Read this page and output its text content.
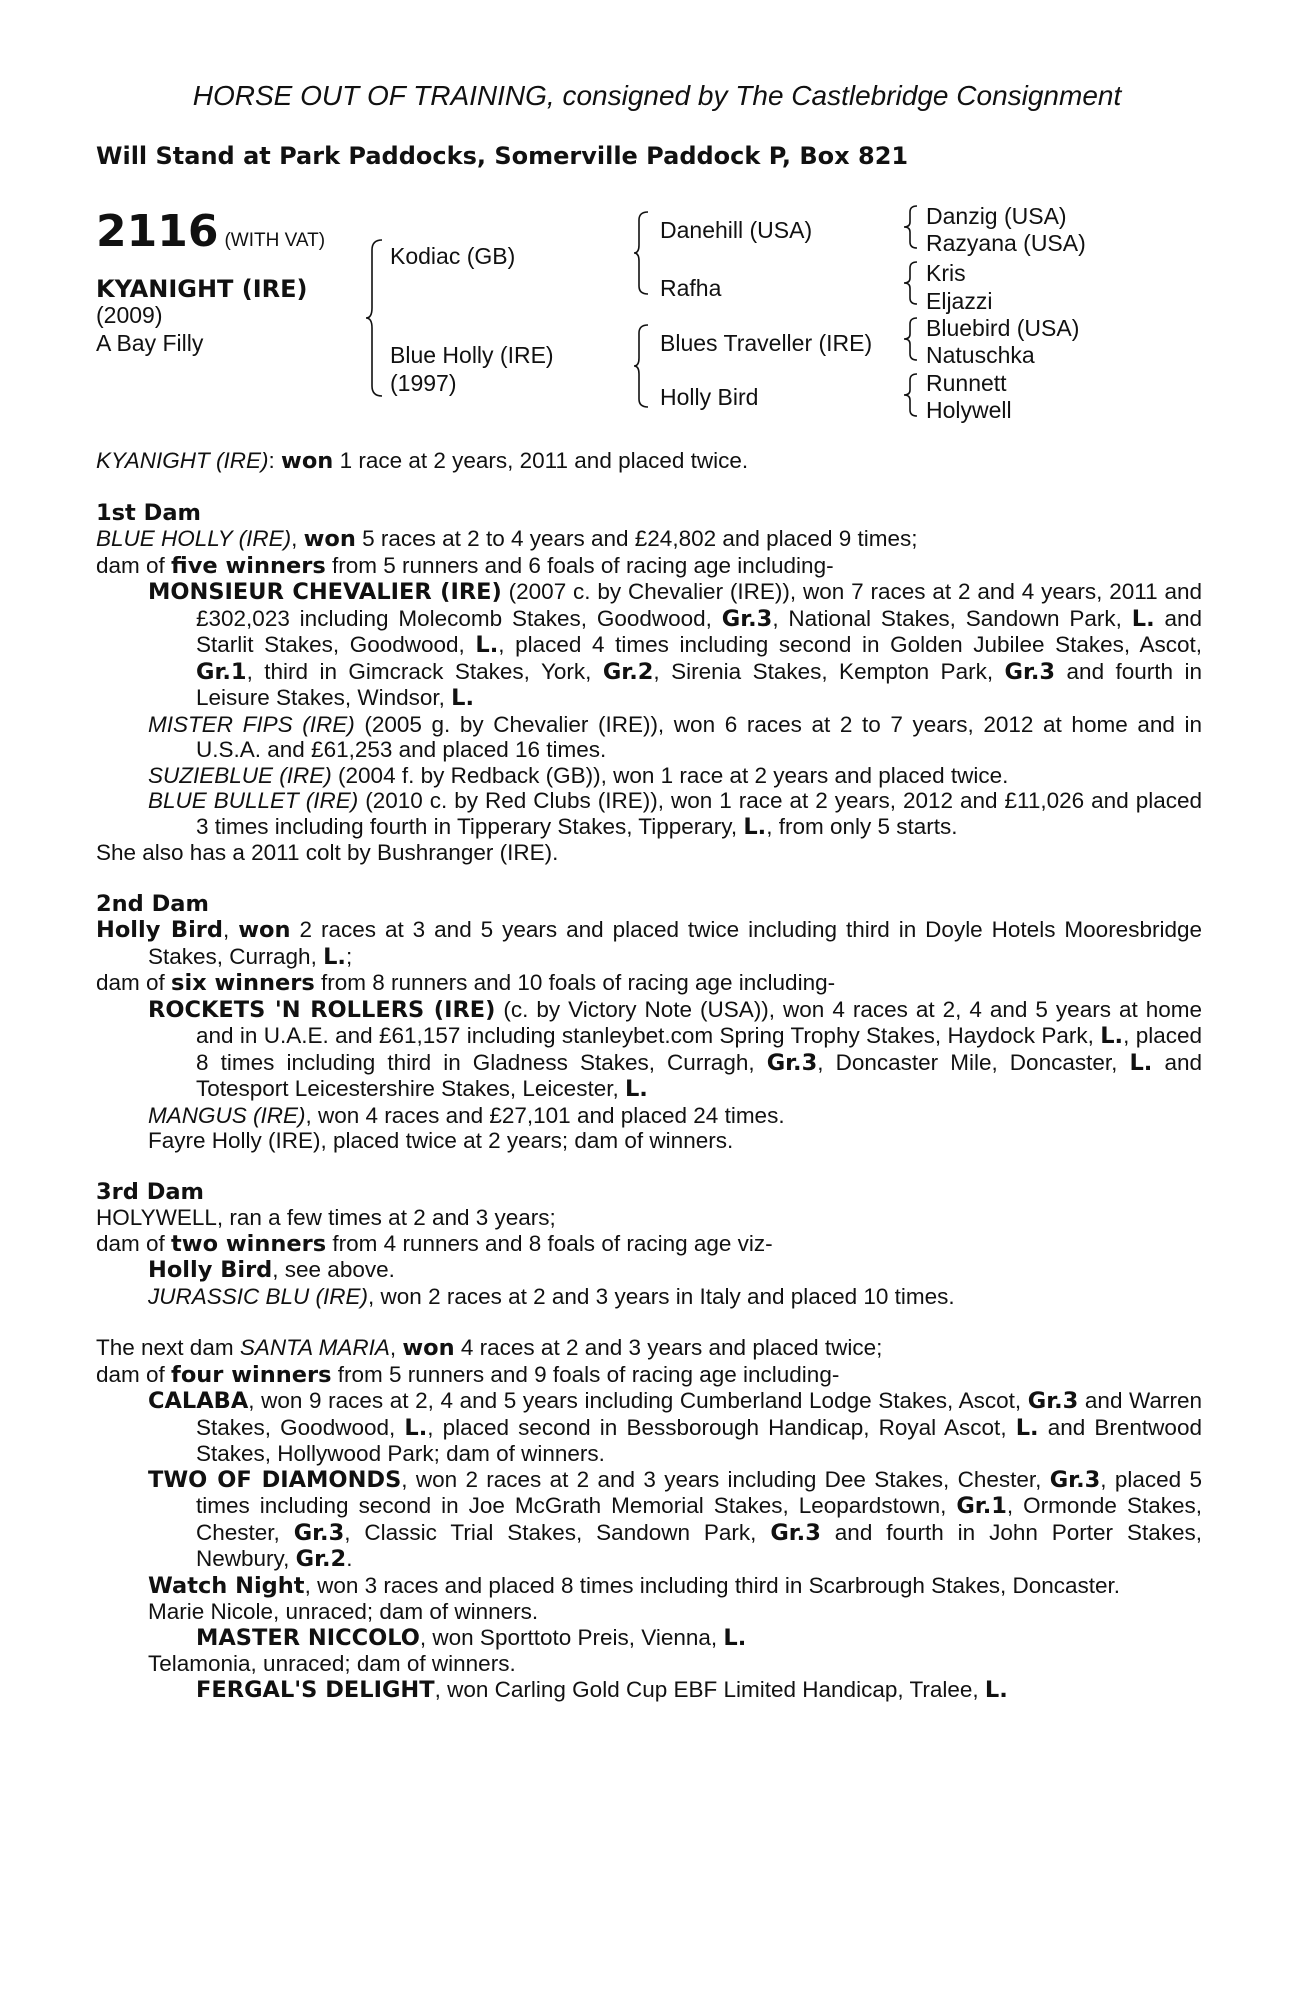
HORSE OUT OF TRAINING, consigned by The Castlebridge Consignment
Will Stand at Park Paddocks, Somerville Paddock P, Box 821
2116 (WITH VAT)
KYANIGHT (IRE)
(2009)
A Bay Filly
Kodiac (GB)
Blue Holly (IRE)
(1997)
Danehill (USA)
Rafha
Blues Traveller (IRE)
Holly Bird
Danzig (USA)
Razyana (USA)
Kris
Eljazzi
Bluebird (USA)
Natuschka
Runnett
Holywell

KYANIGHT (IRE): won 1 race at 2 years, 2011 and placed twice.

1st Dam

BLUE HOLLY (IRE), won 5 races at 2 to 4 years and £24,802 and placed 9 times;

dam of five winners from 5 runners and 6 foals of racing age including-

MONSIEUR CHEVALIER (IRE) (2007 c. by Chevalier (IRE)), won 7 races at 2 and 4 years, 2011 and £302,023 including Molecomb Stakes, Goodwood, Gr.3, National Stakes, Sandown Park, L. and Starlit Stakes, Goodwood, L., placed 4 times including second in Golden Jubilee Stakes, Ascot, Gr.1, third in Gimcrack Stakes, York, Gr.2, Sirenia Stakes, Kempton Park, Gr.3 and fourth in Leisure Stakes, Windsor, L.

MISTER FIPS (IRE) (2005 g. by Chevalier (IRE)), won 6 races at 2 to 7 years, 2012 at home and in U.S.A. and £61,253 and placed 16 times.

SUZIEBLUE (IRE) (2004 f. by Redback (GB)), won 1 race at 2 years and placed twice.

BLUE BULLET (IRE) (2010 c. by Red Clubs (IRE)), won 1 race at 2 years, 2012 and £11,026 and placed 3 times including fourth in Tipperary Stakes, Tipperary, L., from only 5 starts.

She also has a 2011 colt by Bushranger (IRE).

2nd Dam

Holly Bird, won 2 races at 3 and 5 years and placed twice including third in Doyle Hotels Mooresbridge Stakes, Curragh, L.;

dam of six winners from 8 runners and 10 foals of racing age including-

ROCKETS 'N ROLLERS (IRE) (c. by Victory Note (USA)), won 4 races at 2, 4 and 5 years at home and in U.A.E. and £61,157 including stanleybet.com Spring Trophy Stakes, Haydock Park, L., placed 8 times including third in Gladness Stakes, Curragh, Gr.3, Doncaster Mile, Doncaster, L. and Totesport Leicestershire Stakes, Leicester, L.

MANGUS (IRE), won 4 races and £27,101 and placed 24 times.

Fayre Holly (IRE), placed twice at 2 years; dam of winners.

3rd Dam

HOLYWELL, ran a few times at 2 and 3 years;

dam of two winners from 4 runners and 8 foals of racing age viz-

Holly Bird, see above.

JURASSIC BLU (IRE), won 2 races at 2 and 3 years in Italy and placed 10 times.

The next dam SANTA MARIA, won 4 races at 2 and 3 years and placed twice;

dam of four winners from 5 runners and 9 foals of racing age including-

CALABA, won 9 races at 2, 4 and 5 years including Cumberland Lodge Stakes, Ascot, Gr.3 and Warren Stakes, Goodwood, L., placed second in Bessborough Handicap, Royal Ascot, L. and Brentwood Stakes, Hollywood Park; dam of winners.

TWO OF DIAMONDS, won 2 races at 2 and 3 years including Dee Stakes, Chester, Gr.3, placed 5 times including second in Joe McGrath Memorial Stakes, Leopardstown, Gr.1, Ormonde Stakes, Chester, Gr.3, Classic Trial Stakes, Sandown Park, Gr.3 and fourth in John Porter Stakes, Newbury, Gr.2.

Watch Night, won 3 races and placed 8 times including third in Scarbrough Stakes, Doncaster.

Marie Nicole, unraced; dam of winners.

MASTER NICCOLO, won Sporttoto Preis, Vienna, L.

Telamonia, unraced; dam of winners.

FERGAL'S DELIGHT, won Carling Gold Cup EBF Limited Handicap, Tralee, L.
